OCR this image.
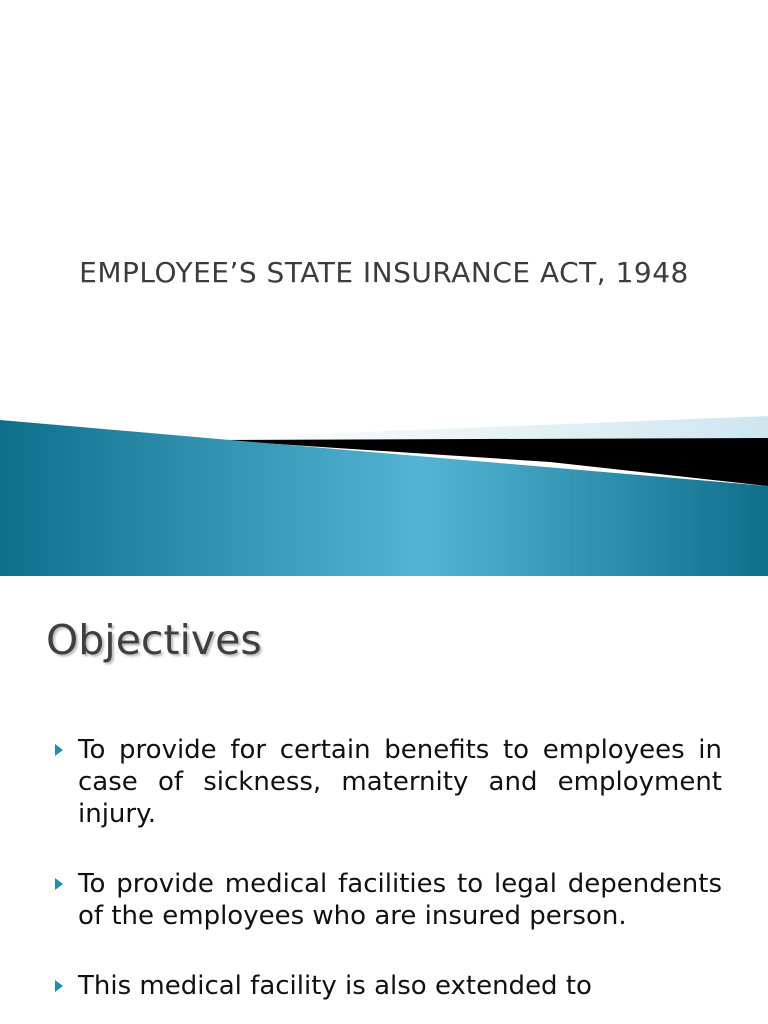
EMPLOYEE’S STATE INSURANCE ACT, 1948
Objectives
To provide for certain benefits to employees in case of sickness, maternity and employment injury.
To provide medical facilities to legal dependents of the employees who are insured person.
This medical facility is also extended to
